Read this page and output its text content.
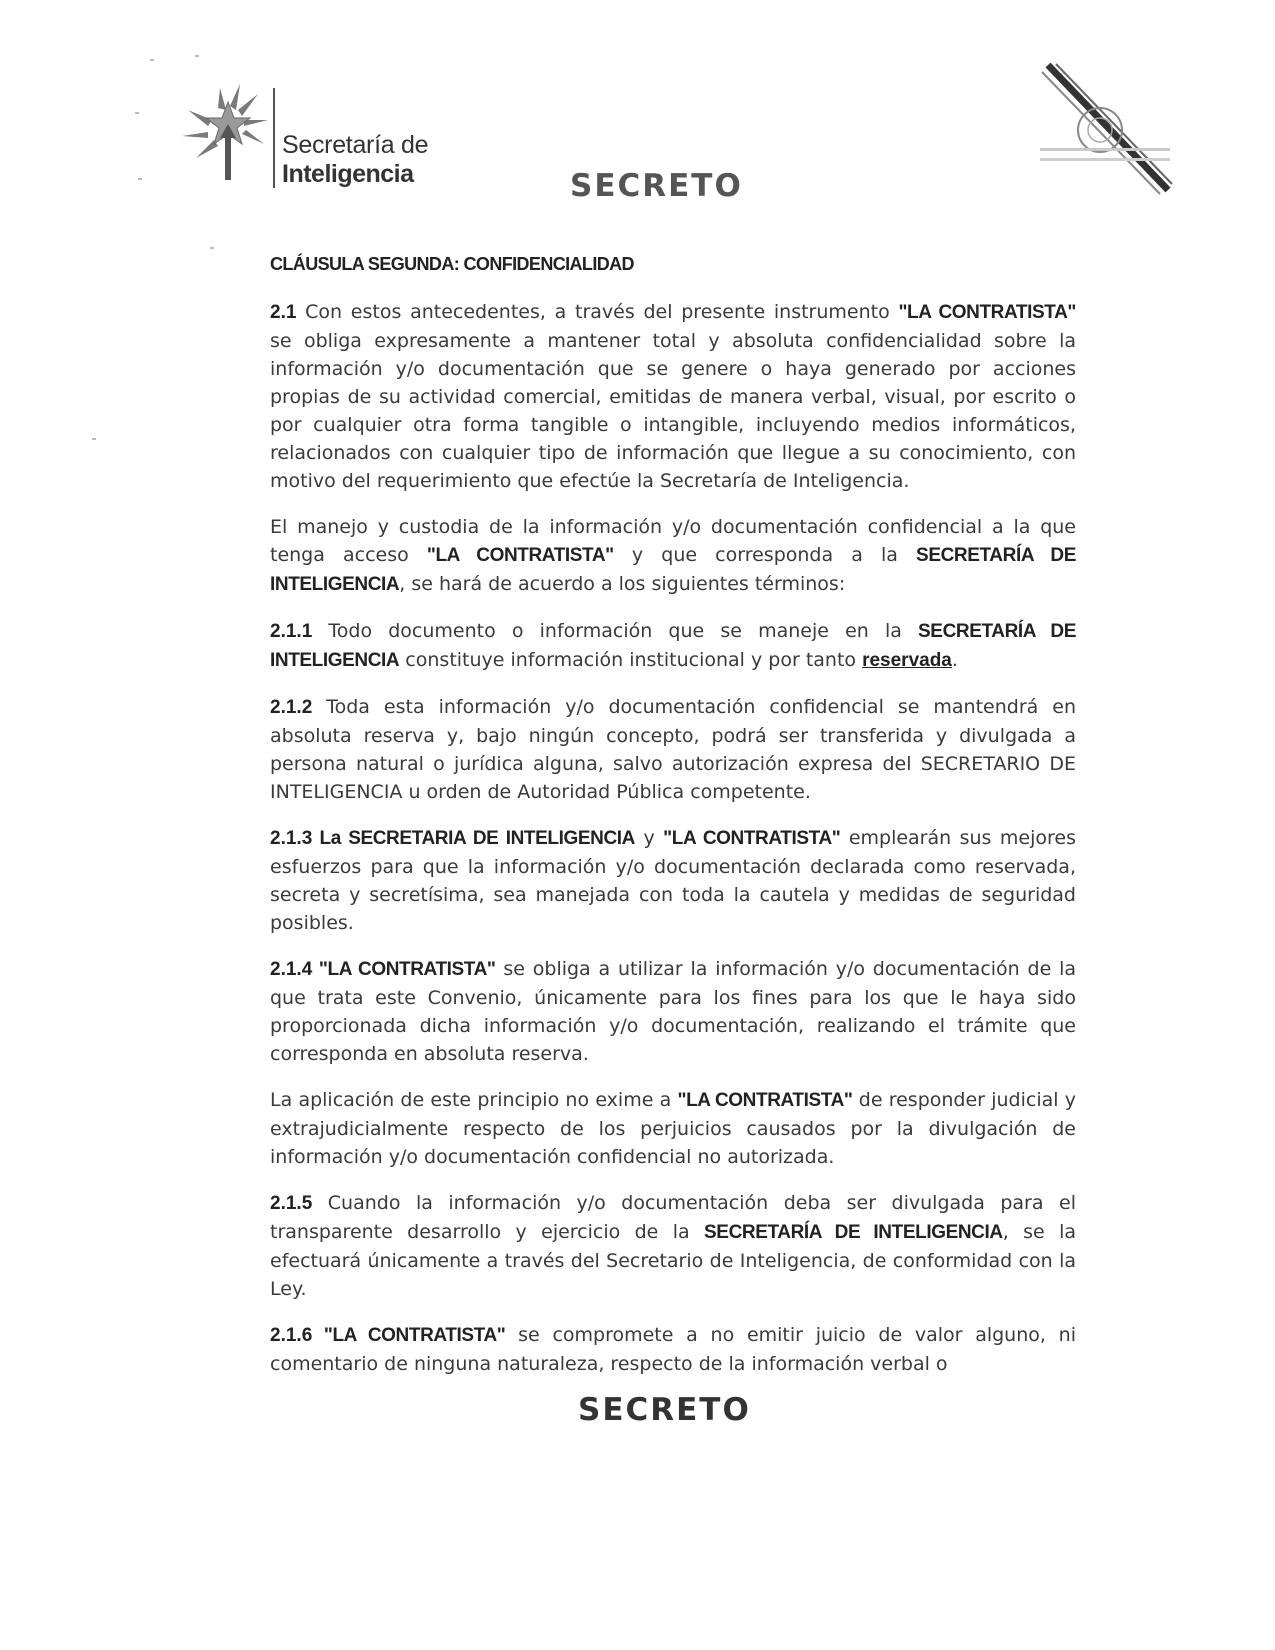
Secretaría de
Inteligencia	SECRETO
CLÁUSULA SEGUNDA: CONFIDENCIALIDAD

2.1 Con estos antecedentes, a través del presente instrumento "LA CONTRATISTA" se obliga expresamente a mantener total y absoluta confidencialidad sobre la información y/o documentación que se genere o haya generado por acciones propias de su actividad comercial, emitidas de manera verbal, visual, por escrito o por cualquier otra forma tangible o intangible, incluyendo medios informáticos, relacionados con cualquier tipo de información que llegue a su conocimiento, con motivo del requerimiento que efectúe la Secretaría de Inteligencia.

El manejo y custodia de la información y/o documentación confidencial a la que tenga acceso "LA CONTRATISTA" y que corresponda a la SECRETARÍA DE INTELIGENCIA, se hará de acuerdo a los siguientes términos:

2.1.1 Todo documento o información que se maneje en la SECRETARÍA DE INTELIGENCIA constituye información institucional y por tanto reservada.

2.1.2 Toda esta información y/o documentación confidencial se mantendrá en absoluta reserva y, bajo ningún concepto, podrá ser transferida y divulgada a persona natural o jurídica alguna, salvo autorización expresa del SECRETARIO DE INTELIGENCIA u orden de Autoridad Pública competente.

2.1.3 La SECRETARIA DE INTELIGENCIA y "LA CONTRATISTA" emplearán sus mejores esfuerzos para que la información y/o documentación declarada como reservada, secreta y secretísima, sea manejada con toda la cautela y medidas de seguridad posibles.

2.1.4 "LA CONTRATISTA" se obliga a utilizar la información y/o documentación de la que trata este Convenio, únicamente para los fines para los que le haya sido proporcionada dicha información y/o documentación, realizando el trámite que corresponda en absoluta reserva.

La aplicación de este principio no exime a "LA CONTRATISTA" de responder judicial y extrajudicialmente respecto de los perjuicios causados por la divulgación de información y/o documentación confidencial no autorizada.

2.1.5 Cuando la información y/o documentación deba ser divulgada para el transparente desarrollo y ejercicio de la SECRETARÍA DE INTELIGENCIA, se la efectuará únicamente a través del Secretario de Inteligencia, de conformidad con la Ley.

2.1.6 "LA CONTRATISTA" se compromete a no emitir juicio de valor alguno, ni comentario de ninguna naturaleza, respecto de la información verbal o

SECRETO
